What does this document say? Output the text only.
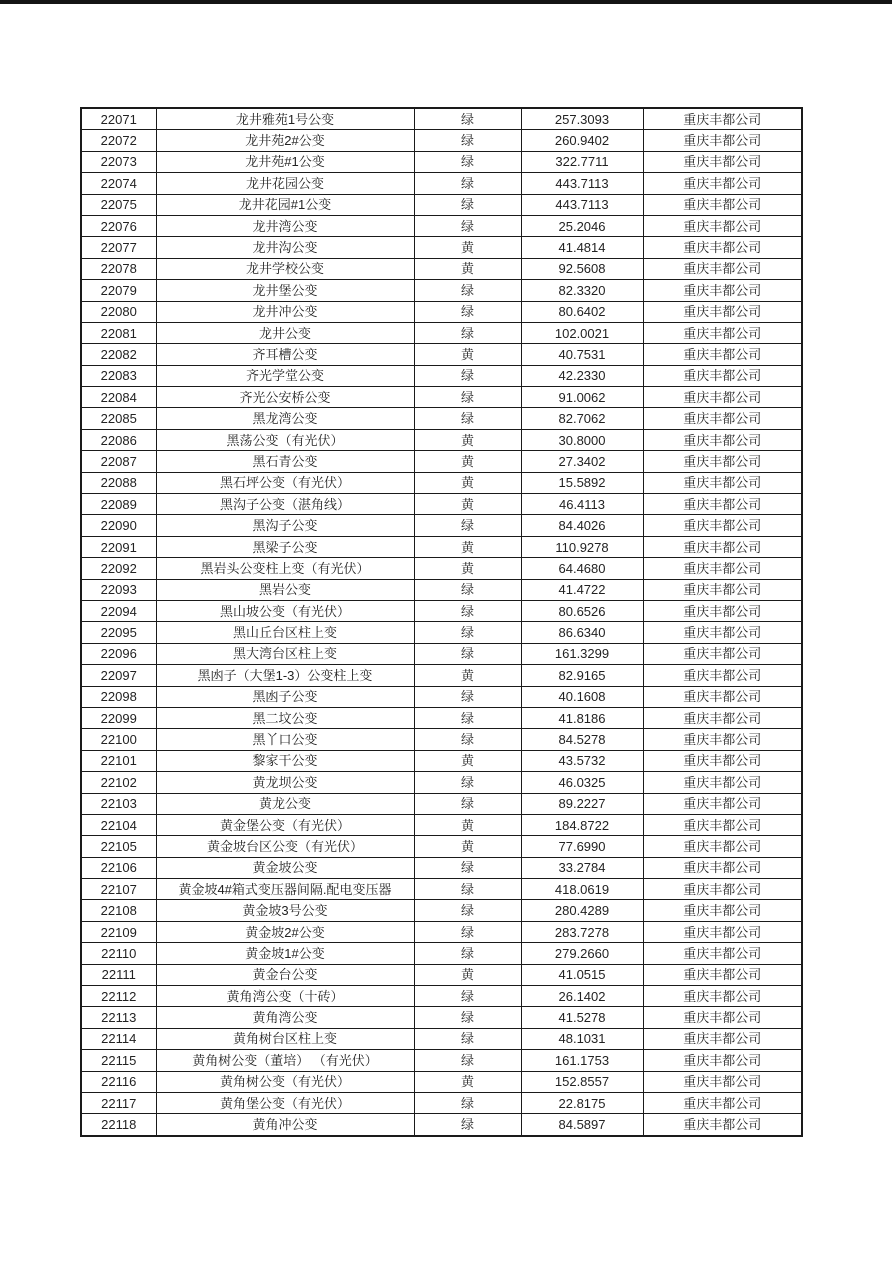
22071	龙井雅苑1号公变	绿	257.3093	重庆丰都公司
22072	龙井苑2#公变	绿	260.9402	重庆丰都公司
22073	龙井苑#1公变	绿	322.7711	重庆丰都公司
22074	龙井花园公变	绿	443.7113	重庆丰都公司
22075	龙井花园#1公变	绿	443.7113	重庆丰都公司
22076	龙井湾公变	绿	25.2046	重庆丰都公司
22077	龙井沟公变	黄	41.4814	重庆丰都公司
22078	龙井学校公变	黄	92.5608	重庆丰都公司
22079	龙井堡公变	绿	82.3320	重庆丰都公司
22080	龙井冲公变	绿	80.6402	重庆丰都公司
22081	龙井公变	绿	102.0021	重庆丰都公司
22082	齐耳槽公变	黄	40.7531	重庆丰都公司
22083	齐光学堂公变	绿	42.2330	重庆丰都公司
22084	齐光公安桥公变	绿	91.0062	重庆丰都公司
22085	黑龙湾公变	绿	82.7062	重庆丰都公司
22086	黑荡公变（有光伏）	黄	30.8000	重庆丰都公司
22087	黑石青公变	黄	27.3402	重庆丰都公司
22088	黑石坪公变（有光伏）	黄	15.5892	重庆丰都公司
22089	黑沟子公变（湛角线）	黄	46.4113	重庆丰都公司
22090	黑沟子公变	绿	84.4026	重庆丰都公司
22091	黑梁子公变	黄	110.9278	重庆丰都公司
22092	黑岩头公变柱上变（有光伏）	黄	64.4680	重庆丰都公司
22093	黑岩公变	绿	41.4722	重庆丰都公司
22094	黑山坡公变（有光伏）	绿	80.6526	重庆丰都公司
22095	黑山丘台区柱上变	绿	86.6340	重庆丰都公司
22096	黑大湾台区柱上变	绿	161.3299	重庆丰都公司
22097	黑凼子（大堡1-3）公变柱上变	黄	82.9165	重庆丰都公司
22098	黑凼子公变	绿	40.1608	重庆丰都公司
22099	黑二坟公变	绿	41.8186	重庆丰都公司
22100	黑丫口公变	绿	84.5278	重庆丰都公司
22101	黎家干公变	黄	43.5732	重庆丰都公司
22102	黄龙坝公变	绿	46.0325	重庆丰都公司
22103	黄龙公变	绿	89.2227	重庆丰都公司
22104	黄金堡公变（有光伏）	黄	184.8722	重庆丰都公司
22105	黄金坡台区公变（有光伏）	黄	77.6990	重庆丰都公司
22106	黄金坡公变	绿	33.2784	重庆丰都公司
22107	黄金坡4#箱式变压器间隔.配电变压器	绿	418.0619	重庆丰都公司
22108	黄金坡3号公变	绿	280.4289	重庆丰都公司
22109	黄金坡2#公变	绿	283.7278	重庆丰都公司
22110	黄金坡1#公变	绿	279.2660	重庆丰都公司
22111	黄金台公变	黄	41.0515	重庆丰都公司
22112	黄角湾公变（十砖）	绿	26.1402	重庆丰都公司
22113	黄角湾公变	绿	41.5278	重庆丰都公司
22114	黄角树台区柱上变	绿	48.1031	重庆丰都公司
22115	黄角树公变（董培） （有光伏）	绿	161.1753	重庆丰都公司
22116	黄角树公变（有光伏）	黄	152.8557	重庆丰都公司
22117	黄角堡公变（有光伏）	绿	22.8175	重庆丰都公司
22118	黄角冲公变	绿	84.5897	重庆丰都公司
